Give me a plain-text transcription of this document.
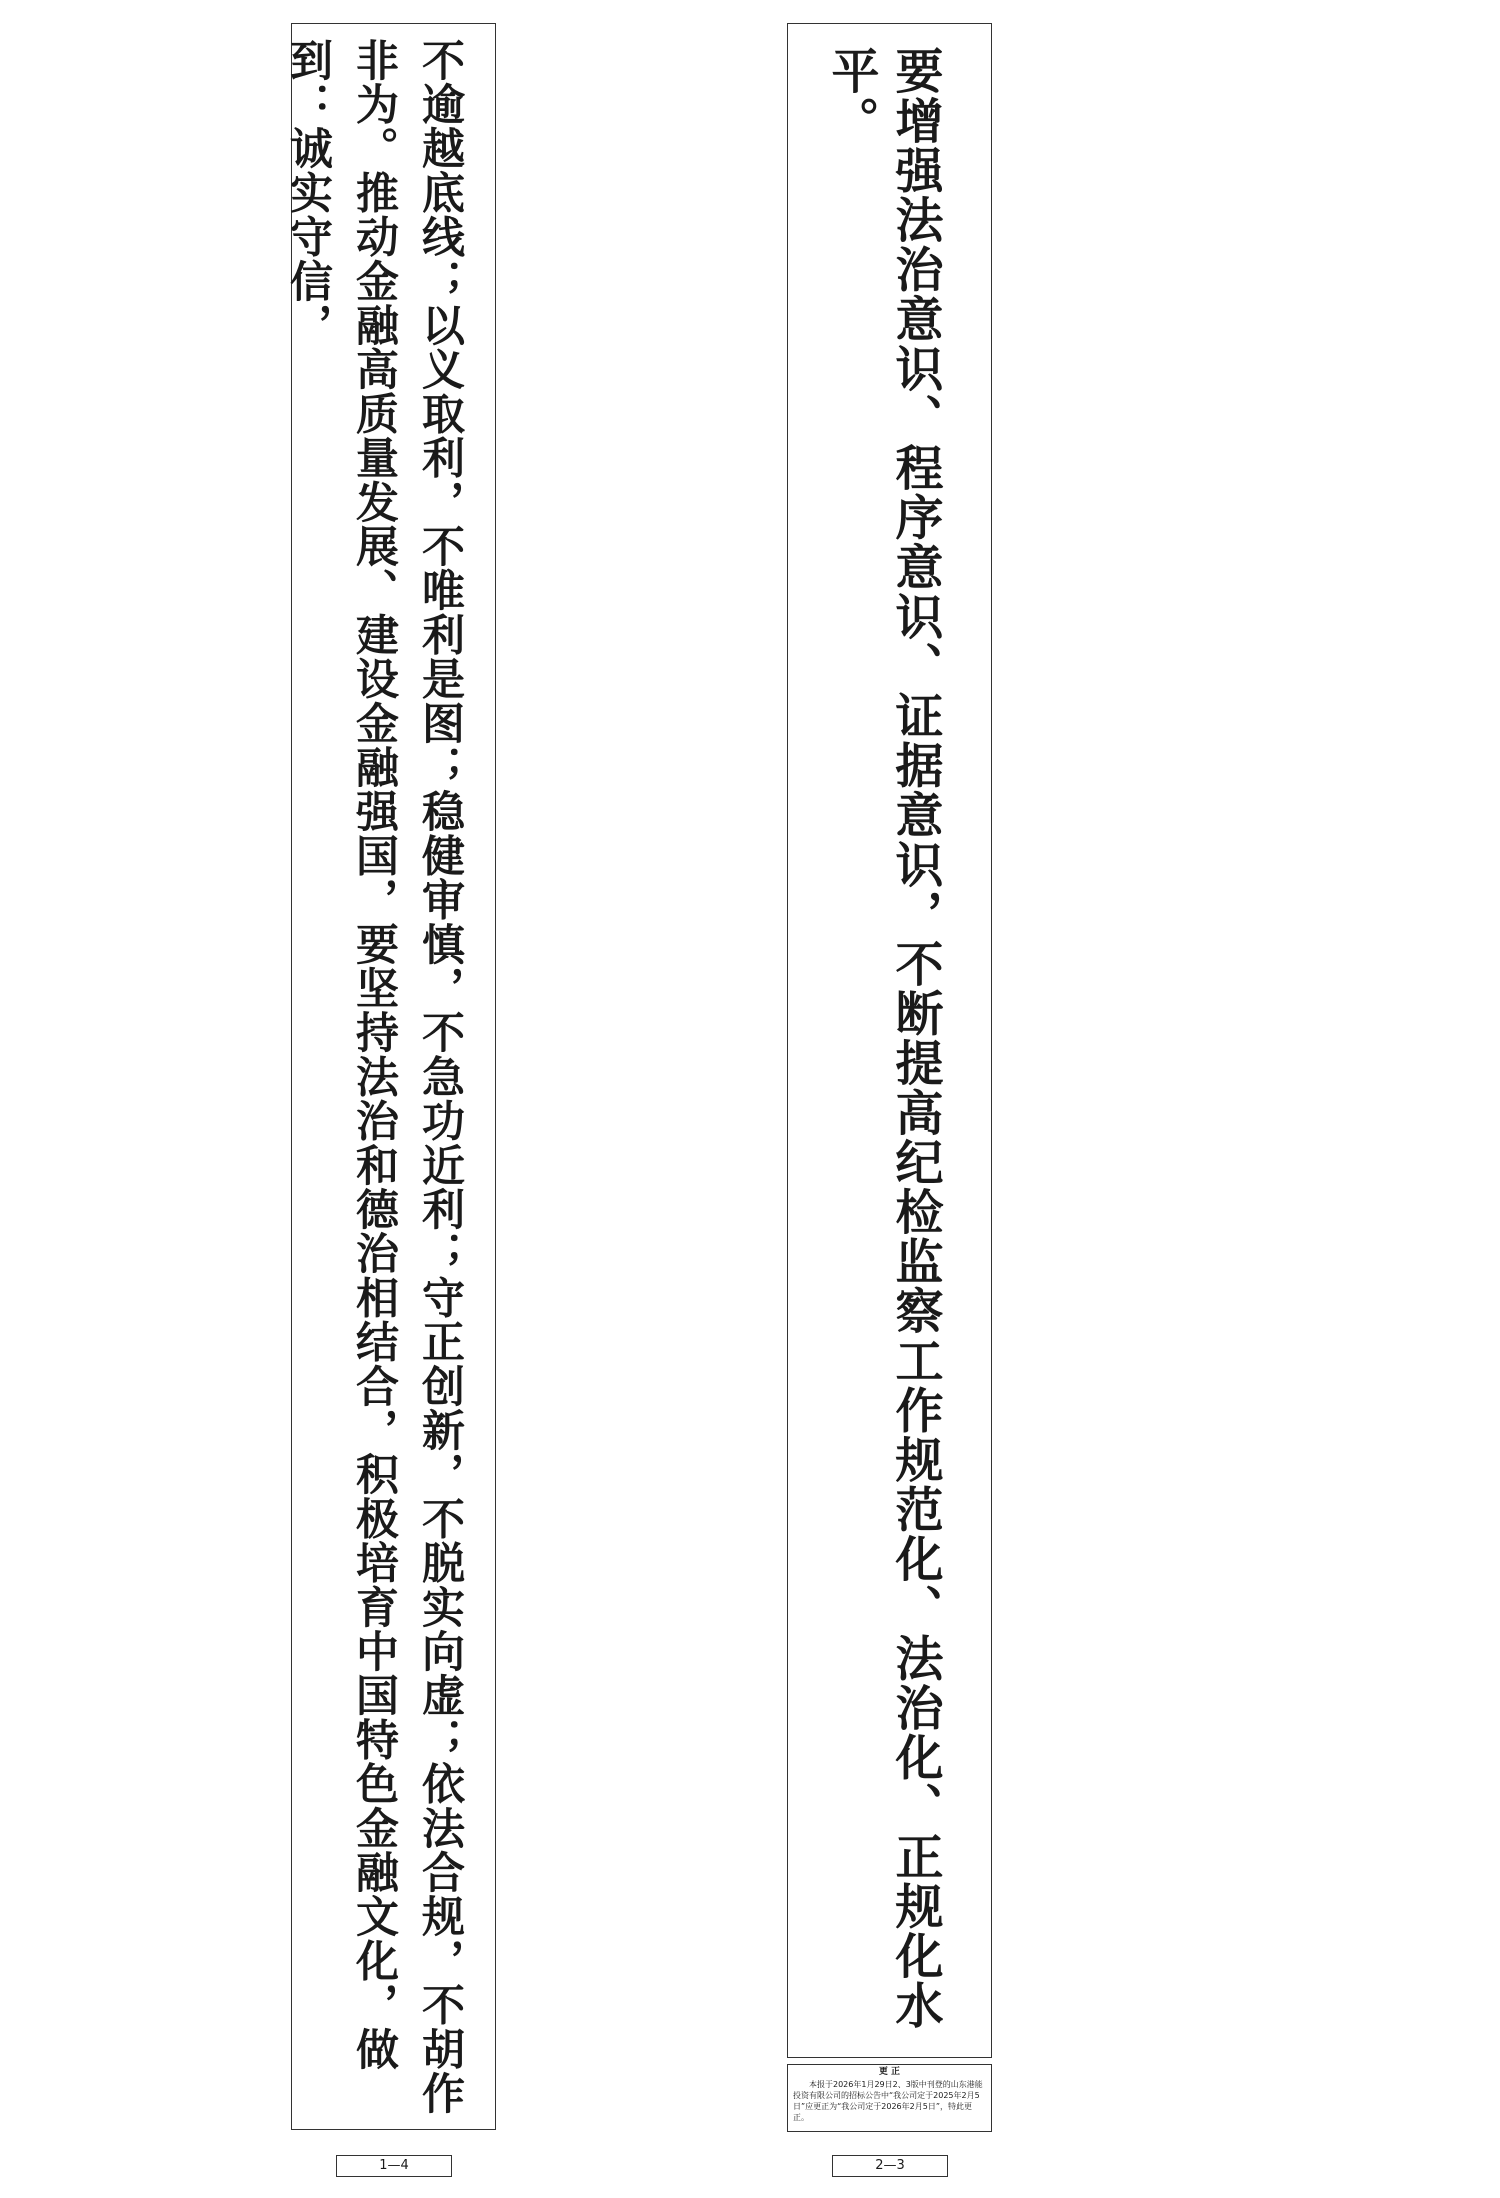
不逾越底线；以义取利，不唯利是图；稳健审慎，不急功近利；守正创新，不脱实向虚；依法合规，不胡作非为。推动金融高质量发展、建设金融强国，要坚持法治和德治相结合，积极培育中国特色金融文化，做到：诚实守信，	要增强法治意识、程序意识、证据意识，不断提高纪检监察工作规范化、法治化、正规化水平。
更 正
本报于2026年1月29日2、3版中刊登的山东港能投资有限公司的招标公告中“我公司定于2025年2月5日”应更正为“我公司定于2026年2月5日”，特此更正。
1—4	2—3
